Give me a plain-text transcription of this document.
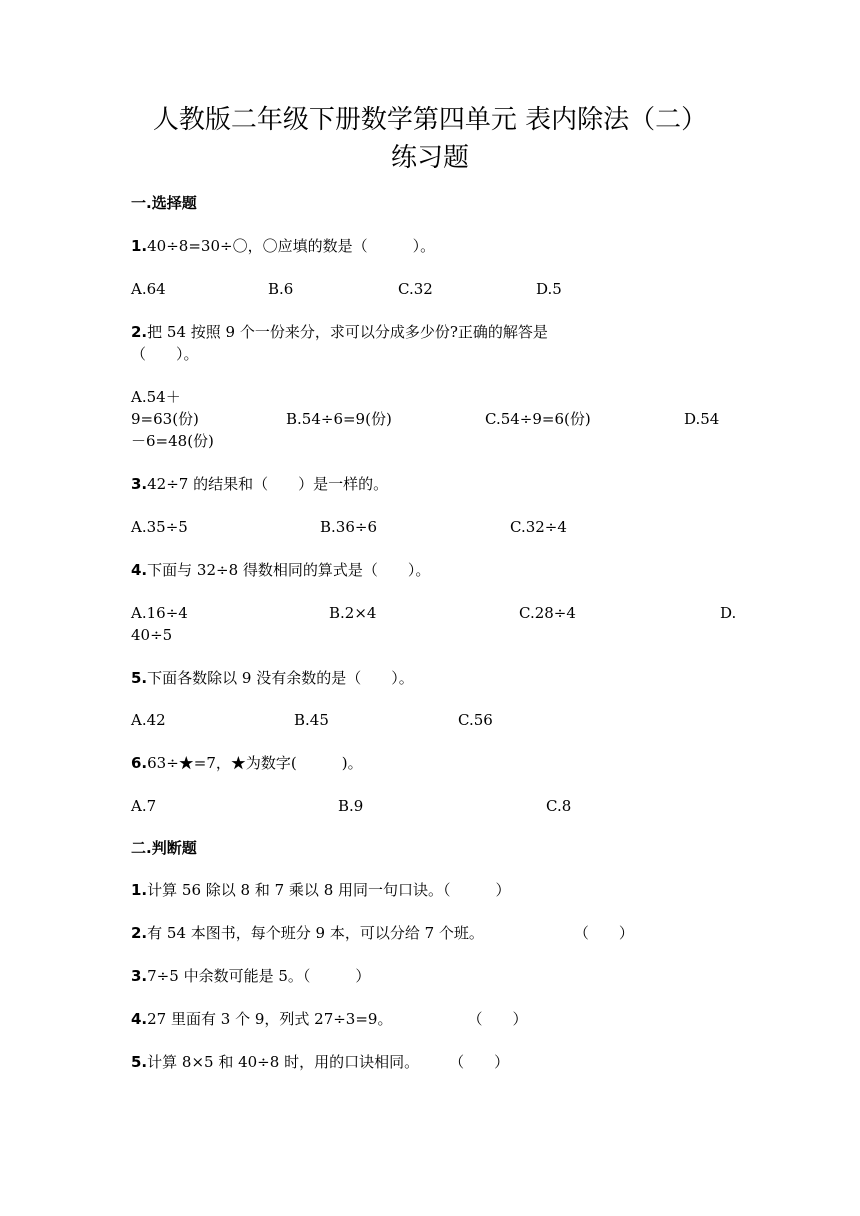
人教版二年级下册数学第四单元 表内除法（二）
练习题
一.选择题
1.40÷8=30÷〇，〇应填的数是（　　　）。
A.64	B.6	C.32	D.5
2.把 54 按照 9 个一份来分，求可以分成多少份?正确的解答是
（　　）。
A.54＋
9=63(份)	B.54÷6=9(份)	C.54÷9=6(份)	D.54
－6=48(份)
3.42÷7 的结果和（　　）是一样的。
A.35÷5	B.36÷6	C.32÷4
4.下面与 32÷8 得数相同的算式是（　　）。
A.16÷4	B.2×4	C.28÷4	D.
40÷5
5.下面各数除以 9 没有余数的是（　　）。
A.42	B.45	C.56
6.63÷★=7，★为数字(　　　)。
A.7	B.9	C.8
二.判断题
1.计算 56 除以 8 和 7 乘以 8 用同一句口诀。（　　　）
2.有 54 本图书，每个班分 9 本，可以分给 7 个班。　　　　　　　（　　）
3.7÷5 中余数可能是 5。（　　　）
4.27 里面有 3 个 9，列式 27÷3=9。　　　　　　（　　）
5.计算 8×5 和 40÷8 时，用的口诀相同。　　　（　　）
